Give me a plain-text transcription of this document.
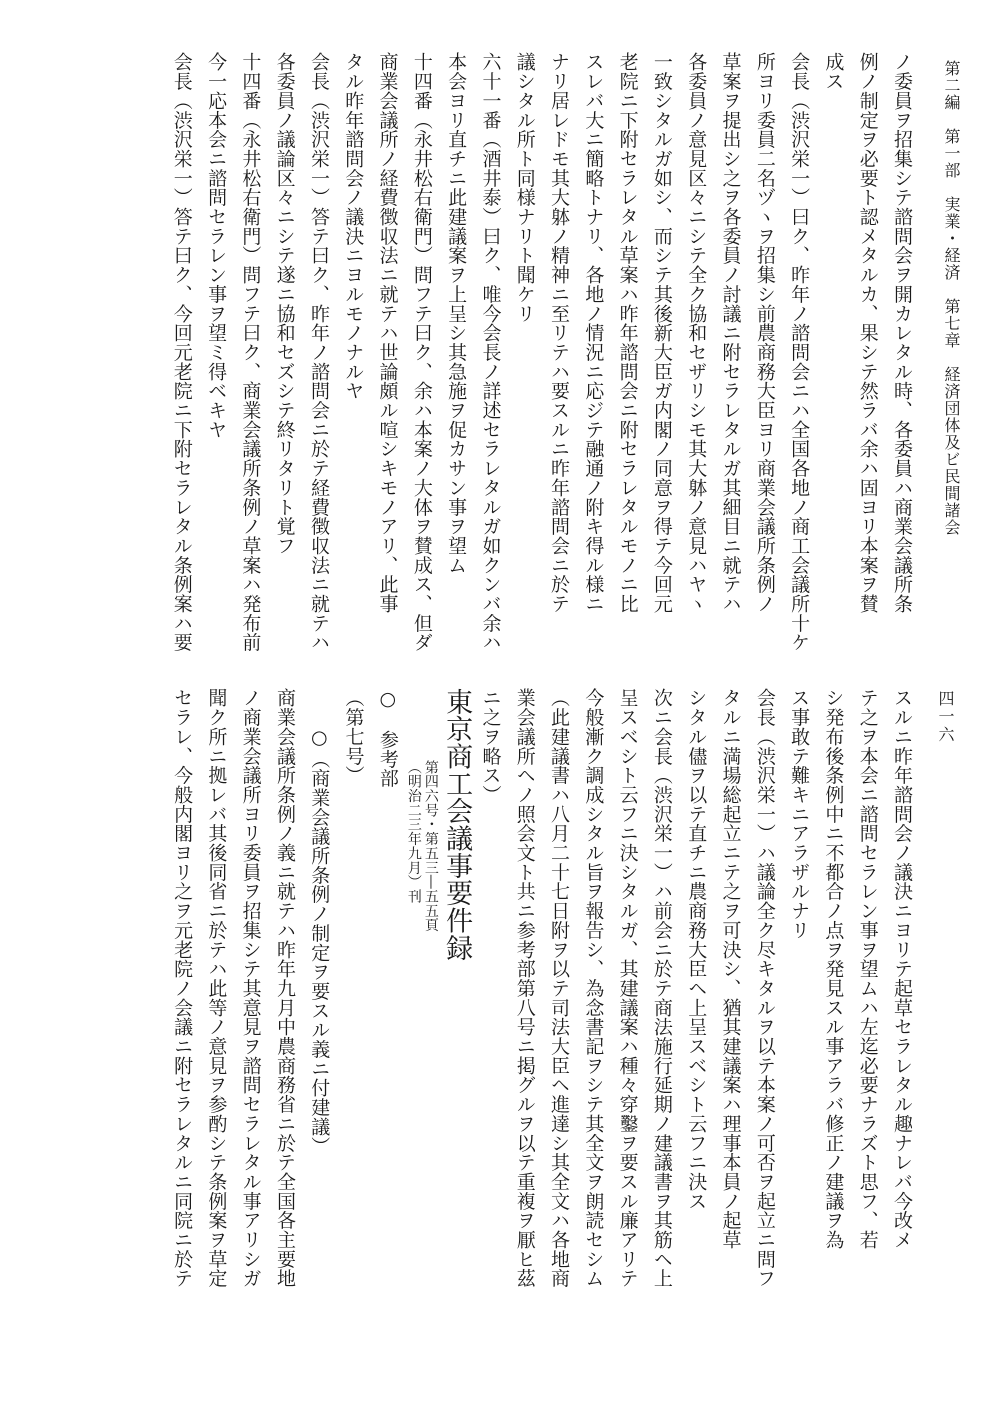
第二編　第一部　実業・経済　第七章　経済団体及ビ民間諸会
四一六
ノ委員ヲ招集シテ諮問会ヲ開カレタル時、各委員ハ商業会議所条
例ノ制定ヲ必要ト認メタルカ、果シテ然ラバ余ハ固ヨリ本案ヲ賛
成ス
会長（渋沢栄一）曰ク、昨年ノ諮問会ニハ全国各地ノ商工会議所十ケ
所ヨリ委員二名ヅヽヲ招集シ前農商務大臣ヨリ商業会議所条例ノ
草案ヲ提出シ之ヲ各委員ノ討議ニ附セラレタルガ其細目ニ就テハ
各委員ノ意見区々ニシテ全ク協和セザリシモ其大躰ノ意見ハヤヽ
一致シタルガ如シ、而シテ其後新大臣ガ内閣ノ同意ヲ得テ今回元
老院ニ下附セラレタル草案ハ昨年諮問会ニ附セラレタルモノニ比
スレバ大ニ簡略トナリ、各地ノ情況ニ応ジテ融通ノ附キ得ル様ニ
ナリ居レドモ其大躰ノ精神ニ至リテハ要スルニ昨年諮問会ニ於テ
議シタル所ト同様ナリト聞ケリ
六十一番（酒井泰）曰ク、唯今会長ノ詳述セラレタルガ如クンバ余ハ
本会ヨリ直チニ此建議案ヲ上呈シ其急施ヲ促カサン事ヲ望ム
十四番（永井松右衛門）問フテ曰ク、余ハ本案ノ大体ヲ賛成ス、但ダ
商業会議所ノ経費徴収法ニ就テハ世論頗ル喧シキモノアリ、此事
タル昨年諮問会ノ議決ニヨルモノナルヤ
会長（渋沢栄一）答テ曰ク、昨年ノ諮問会ニ於テ経費徴収法ニ就テハ
各委員ノ議論区々ニシテ遂ニ協和セズシテ終リタリト覚フ
十四番（永井松右衛門）問フテ曰ク、商業会議所条例ノ草案ハ発布前
今一応本会ニ諮問セラレン事ヲ望ミ得ベキヤ
会長（渋沢栄一）答テ曰ク、今回元老院ニ下附セラレタル条例案ハ要
スルニ昨年諮問会ノ議決ニヨリテ起草セラレタル趣ナレバ今改メ
テ之ヲ本会ニ諮問セラレン事ヲ望ムハ左迄必要ナラズト思フ、若
シ発布後条例中ニ不都合ノ点ヲ発見スル事アラバ修正ノ建議ヲ為
ス事敢テ難キニアラザルナリ
会長（渋沢栄一）ハ議論全ク尽キタルヲ以テ本案ノ可否ヲ起立ニ問フ
タルニ満場総起立ニテ之ヲ可決シ、猶其建議案ハ理事本員ノ起草
シタル儘ヲ以テ直チニ農商務大臣ヘ上呈スベシト云フニ決ス
次ニ会長（渋沢栄一）ハ前会ニ於テ商法施行延期ノ建議書ヲ其筋ヘ上
呈スベシト云フニ決シタルガ、其建議案ハ種々穿鑿ヲ要スル廉アリテ
今般漸ク調成シタル旨ヲ報告シ、為念書記ヲシテ其全文ヲ朗読セシム
（此建議書ハ八月二十七日附ヲ以テ司法大臣ヘ進達シ其全文ハ各地商
業会議所ヘノ照会文ト共ニ参考部第八号ニ掲グルヲ以テ重複ヲ厭ヒ茲
ニ之ヲ略ス）
東京商工会議事要件録
第四六号・第五三―五五頁
（明治二三年九月）刊
○　参考部
（第七号）
　　○（商業会議所条例ノ制定ヲ要スル義ニ付建議）
商業会議所条例ノ義ニ就テハ昨年九月中農商務省ニ於テ全国各主要地
ノ商業会議所ヨリ委員ヲ招集シテ其意見ヲ諮問セラレタル事アリシガ
聞ク所ニ拠レバ其後同省ニ於テハ此等ノ意見ヲ参酌シテ条例案ヲ草定
セラレ、今般内閣ヨリ之ヲ元老院ノ会議ニ附セラレタルニ同院ニ於テ
